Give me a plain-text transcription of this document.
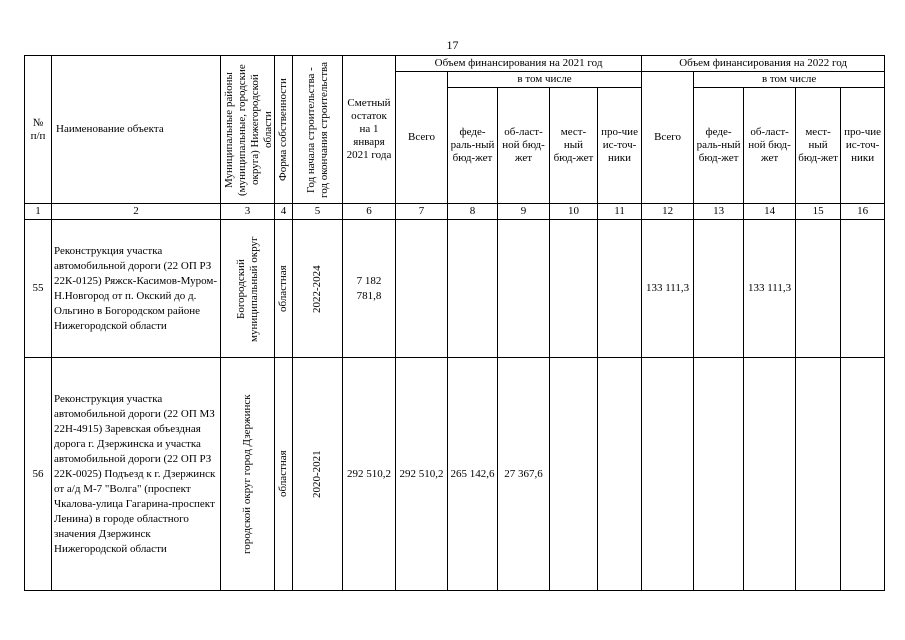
17
№ п/п	Наименование объекта	Муниципальные районы (муниципальные, городские округа) Нижегородской области	Форма собственности	Год начала строительства - год окончания строительства	Сметный остаток на 1 января 2021 года	Объем финансирования на 2021 год					Объем финансирования на 2022 год				
						Всего	в том числе				Всего	в том числе			
							феде-раль-ный бюд-жет	об-ласт-ной бюд-жет	мест-ный бюд-жет	про-чие ис-точ-ники		феде-раль-ный бюд-жет	об-ласт-ной бюд-жет	мест-ный бюд-жет	про-чие ис-точ-ники
1	2	3	4	5	6	7	8	9	10	11	12	13	14	15	16
55	Реконструкция участка автомобильной дороги (22 ОП РЗ 22К-0125) Ряжск-Касимов-Муром-Н.Новгород от п. Окский до д. Ольгино в Богородском районе Нижегородской области	Богородский муниципальный округ	областная	2022-2024	7 182 781,8						133 111,3		133 111,3		
56	Реконструкция участка автомобильной дороги (22 ОП МЗ 22Н-4915) Заревская объездная дорога г. Дзержинска и участка автомобильной дороги (22 ОП РЗ 22К-0025) Подъезд к г. Дзержинск от а/д М-7 "Волга" (проспект Чкалова-улица Гагарина-проспект Ленина) в городе областного значения Дзержинск Нижегородской области	городской округ город Дзержинск	областная	2020-2021	292 510,2	292 510,2	265 142,6	27 367,6							
